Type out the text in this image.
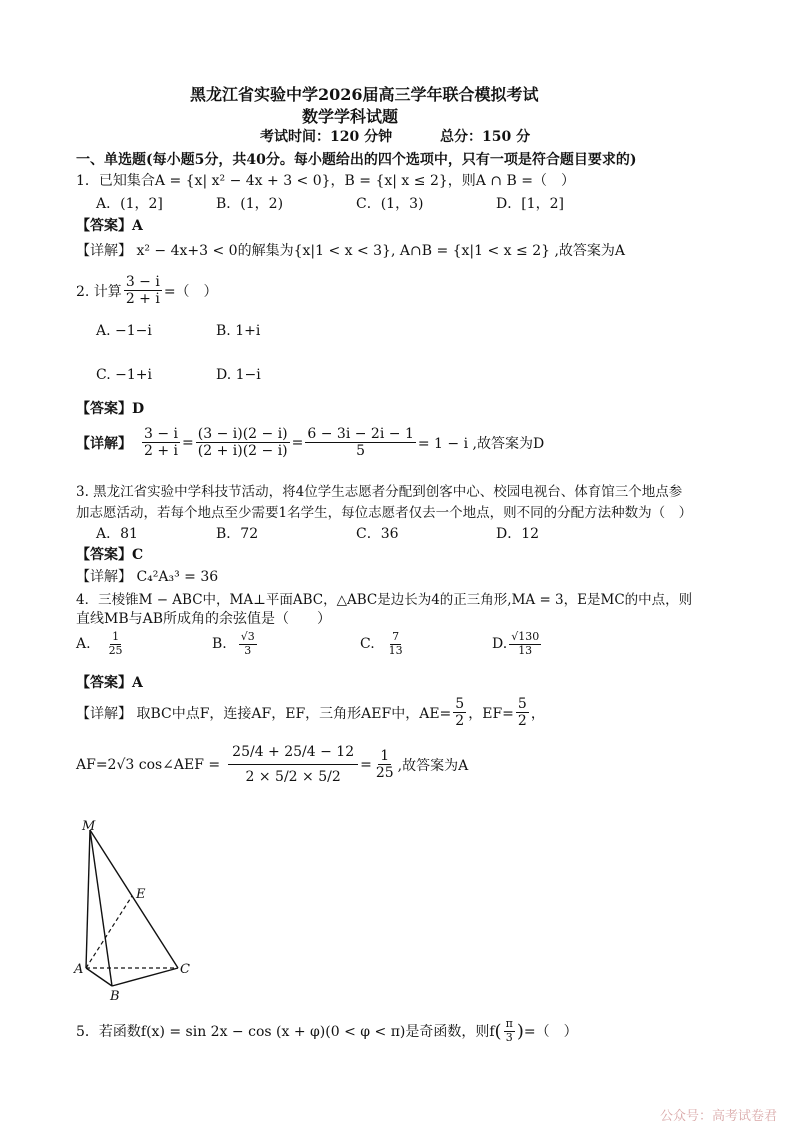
黑龙江省实验中学2026届高三学年联合模拟考试
数学学科试题
考试时间：120 分钟	总分：150 分
一、单选题(每小题5分，共40分。每小题给出的四个选项中，只有一项是符合题目要求的)
1．已知集合A = {x| x² − 4x + 3 < 0}，B = {x| x ≤ 2}，则A ∩ B =（　）
A．(1，2]	B．(1，2)	C．(1，3)	D．[1，2]
【答案】A
【详解】 x² − 4x+3 < 0的解集为{x|1 < x < 3}, A∩B = {x|1 < x ≤ 2} ,故答案为A
2. 计算 $\frac{3 - i}{2 + i}$ =（　）
A. −1−i	B. 1+i
C. −1+i	D. 1−i
【答案】D
【详解】 $\frac{3 - i}{2 + i} = \frac{(3 - i)(2 - i)}{(2 + i)(2 - i)} = \frac{6 - 3i - 2i - 1}{5} = 1 - i$ ,故答案为D
3. 黑龙江省实验中学科技节活动，将4位学生志愿者分配到创客中心、校园电视台、体育馆三个地点参
加志愿活动，若每个地点至少需要1名学生，每位志愿者仅去一个地点，则不同的分配方法种数为（　）
A．81	B．72	C．36	D．12
【答案】C
【详解】 C₄²A₃³ = 36
4．三棱锥M − ABC中，MA⊥平面ABC，△ABC是边长为4的正三角形,MA = 3，E是MC的中点，则
直线MB与AB所成角的余弦值是（　　）
A. $\frac{1}{25}$	B. $\frac{√3}{3}$	C. $\frac{7}{13}$	D. $\frac{√130}{13}$
【答案】A
【详解】 取BC中点F，连接AF，EF，三角形AEF中，$AE= \frac{5}{2}$ ，$EF= \frac{5}{2}$ ，
AF=2√3 cos∠AEF = $\frac{25/4 + 25/4 - 12}{2 \times 5/2 \times 5/2} = \frac{1}{25}$ ,故答案为A
M
E
A	C
B
5．若函数f(x) = sin 2x − cos (x + φ)(0 < φ < π)是奇函数，则f ( $\frac{\pi}{3}$ ) =（　）
公众号：高考试卷君
